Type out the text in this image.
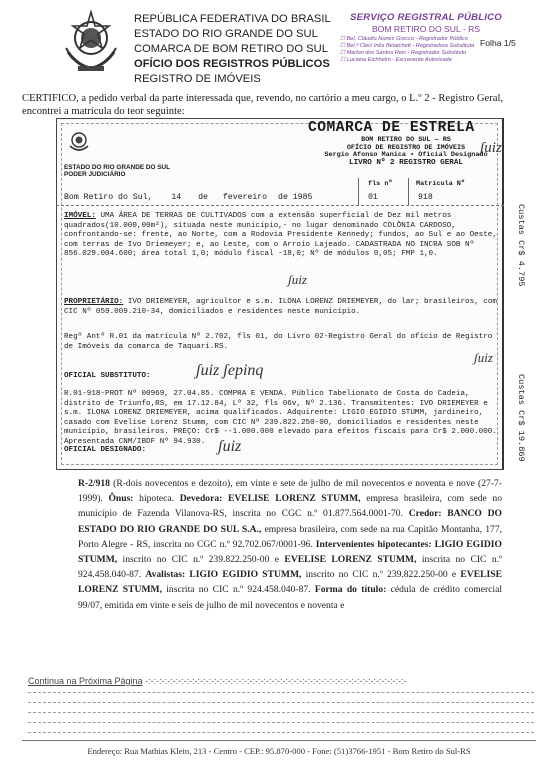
REPÚBLICA FEDERATIVA DO BRASIL
ESTADO DO RIO GRANDE DO SUL
COMARCA DE BOM RETIRO DO SUL
OFÍCIO DOS REGISTROS PÚBLICOS
REGISTRO DE IMÓVEIS
SERVIÇO REGISTRAL PÚBLICO
BOM RETIRO DO SUL - RS
☐ Bel. Cláudio Nunes Grecco - Registrador Público
☐ Bel.ª Cleci Inês Belatchett - Registradora Substituta
☐ Marlon dos Santos Reis - Registrador Substituto
☐ Luciana Eichhelm - Escrevente Autorizada
Folha 1/5
CERTIFICO, a pedido verbal da parte interessada que, revendo, no cartório a meu cargo, o L.º 2 - Registro Geral, encontrei a matrícula do teor seguinte:
COMARCA DE ESTRELA
BOM RETIRO DO SUL — RS
OFÍCIO DE REGISTRO DE IMÓVEIS
Sergio Afonso Manica • Oficial Designado
LIVRO Nº 2 REGISTRO GERAL
ʃuiz
ESTADO DO RIO GRANDE DO SUL
PODER JUDICIÁRIO
Bom Retiro do Sul, 14 de fevereiro de 1985
fls nº	Matrícula Nº
01	918
IMÓVEL: UMA ÁREA DE TERRAS DE CULTIVADOS com a extensão superficial de Dez mil metros quadrados(10.000,00m²), situada neste município,- no lugar denominado COLÔNIA CARDOSO, confrontando-se: frente, ao Norte, com a Rodovia Presidente Kennedy; fundos, ao Sul e ao Oeste, com terras de Ivo Driemeyer; e, ao Leste, com o Arroio Lajeado. CADASTRADA NO INCRA SOB Nº 856.029.004.600; área total 1,0; módulo fiscal -18,0; Nº de módulos 0,05; FMP 1,0.
ʃuiz
PROPRIETÁRIO: IVO DRIEMEYER, agricultor e s.m. ILONA LORENZ DRIEMEYER, do lar; brasileiros, com CIC Nº 059.009.210-34, domiciliados e residentes neste município.
Regº Antº R.01 da matrícula Nº 2.702, fls 01, do Livro 02-Registro Geral do ofício de Registro de Imóveis da comarca de Taquari.RS.
ʃuiz
OFICIAL SUBSTITUTO:	ʃuiz ʃepinq
R.01-918-PROT Nº 00969, 27.04.85. COMPRA E VENDA. Público Tabelionato de Costa do Cadeia, distrito de Triunfo,RS, em 17.12.84, Lº 32, fls 06v, Nº 2.136. Transmitentes: IVO DRIEMEYER e s.m. ILONA LORENZ DRIEMEYER, acima qualificados. Adquirente: LIGIO EGIDIO STUMM, jardineiro, casado com Evelise Lorenz Stumm, com CIC Nº 239.822.250-00, domiciliados e residentes neste município, brasileiros. PREÇO: Cr$ --1.000.000 elevado para efeitos fiscais para Cr$ 2.000.000. Apresentada CNM/IBDF Nº 94.930.
OFICIAL DESIGNADO:	ʃuiz
Custas Cr$ 4.795
Custas Cr$ 19.869
R-2/918 (R-dois novecentos e dezoito), em vinte e sete de julho de mil novecentos e noventa e nove (27-7-1999). Ônus: hipoteca. Devedora: EVELISE LORENZ STUMM, empresa brasileira, com sede no município de Fazenda Vilanova-RS, inscrita no CGC n.º 01.877.564.0001-70. Credor: BANCO DO ESTADO DO RIO GRANDE DO SUL S.A., empresa brasileira, com sede na rua Capitão Montanha, 177, Porto Alegre - RS, inscrita no CGC n.º 92.702.067/0001-96. Intervenientes hipotecantes: LIGIO EGIDIO STUMM, inscrito no CIC n.º 239.822.250-00 e EVELISE LORENZ STUMM, inscrita no CIC n.º 924.458.040-87. Avalistas: LIGIO EGIDIO STUMM, inscrito no CIC n.º 239.822.250-00 e EVELISE LORENZ STUMM, inscrita no CIC n.º 924.458.040-87. Forma do título: cédula de crédito comercial 99/07, emitida em vinte e seis de julho de mil novecentos e noventa e
Continua na Próxima Página -:-:-:-:-:-:-:-:-:-:-:-:-:-:-:-:-:-:-:-:-:-:-:-:-:-:-:-:-:-:-:-:-:-:-:-:-:-:-:-:-:-:-:-:-:-:-:-
Endereço: Rua Mathias Klein, 213 - Centro - CEP.: 95.870-000 - Fone: (51)3766-1951 - Bom Retiro do Sul-RS
